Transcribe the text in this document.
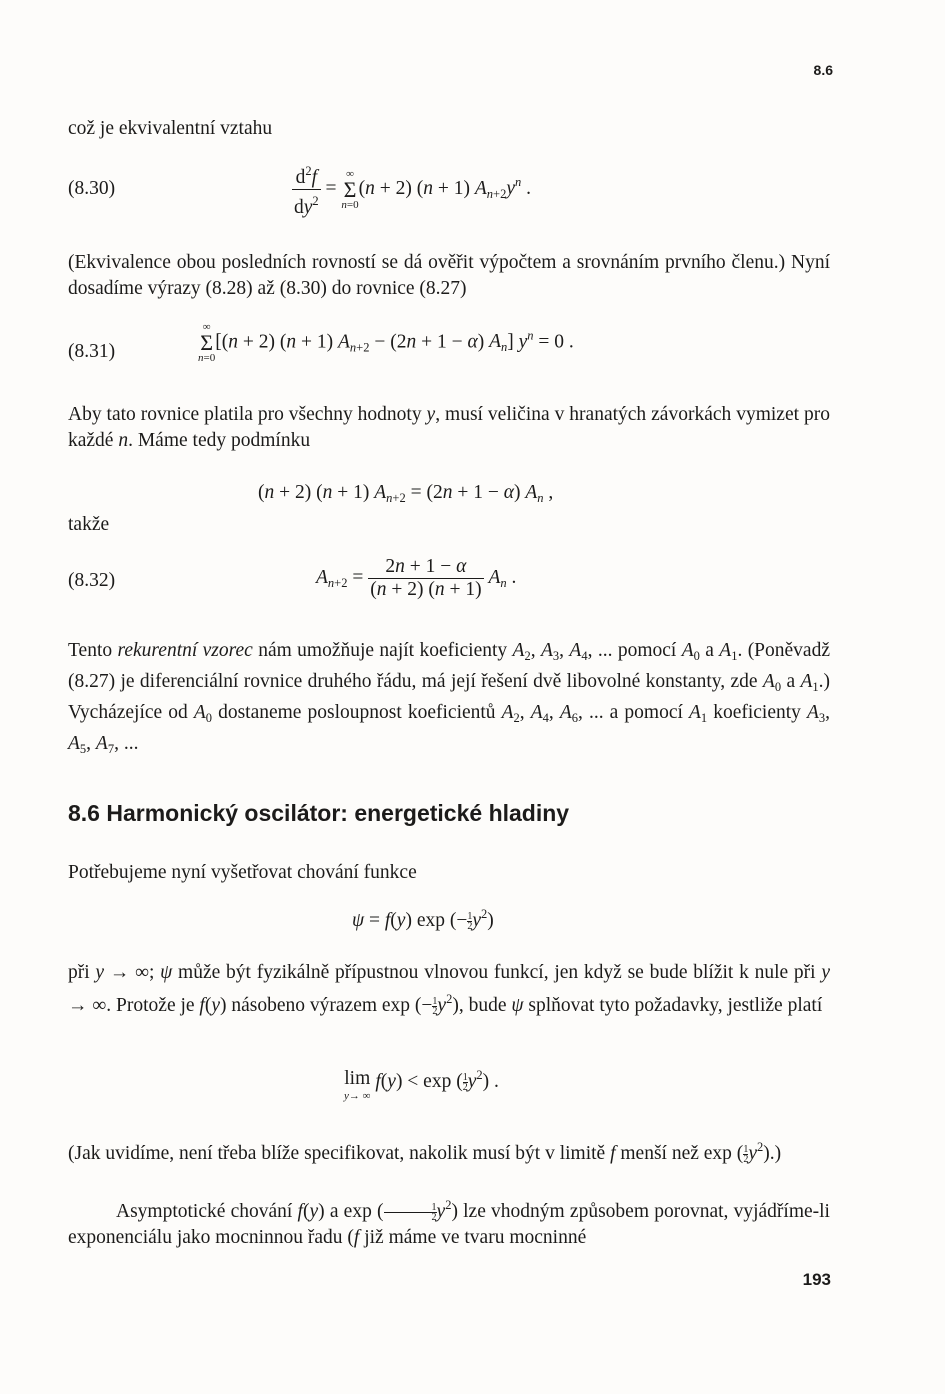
8.6

což je ekvivalentní vztahu

(8.30)	$\frac{d^2f}{dy^2}$ =
∞
Σ
n=0
(n + 2) (n + 1) $A_{n+2}y^n$ .

(Ekvivalence obou posledních rovností se dá ověřit výpočtem a srovnáním prvního členu.) Nyní dosadíme výrazy (8.28) až (8.30) do rovnice (8.27)

(8.31)
∞
Σ
n=0
[(n + 2) (n + 1) $A_{n+2} - (2n + 1 - \alpha)$ $A_n$] $y^n = 0$ .

Aby tato rovnice platila pro všechny hodnoty y, musí veličina v hranatých závorkách vymizet pro každé n. Máme tedy podmínku

(n + 2) (n + 1) $A_{n+2} = (2n + 1 - \alpha)$ $A_n$ ,

takže

(8.32)	$A_{n+2} = \frac{2n + 1 - \alpha}{(n + 2) (n + 1)} A_n$ .

Tento rekurentní vzorec nám umožňuje najít koeficienty $A_2$, $A_3$, $A_4$, ... pomocí $A_0$ a $A_1$. (Poněvadž (8.27) je diferenciální rovnice druhého řádu, má její řešení dvě libovolné konstanty, zde $A_0$ a $A_1$.) Vycházejíce od $A_0$ dostaneme posloupnost koeficientů $A_2$, $A_4$, $A_6$, ... a pomocí $A_1$ koeficienty $A_3$, $A_5$, $A_7$, ...

8.6 Harmonický oscilátor: energetické hladiny

Potřebujeme nyní vyšetřovat chování funkce

ψ = f(y) exp (− $\frac{1}{2} y^2$)

při y → ∞; ψ může být fyzikálně přípustnou vlnovou funkcí, jen když se bude blížit k nule při y → ∞. Protože je f(y) násobeno výrazem exp (− $\frac{1}{2} y^2$), bude ψ splňovat tyto požadavky, jestliže platí

lim
y→ ∞
f(y) < exp ( $\frac{1}{2} y^2$) .

(Jak uvidíme, není třeba blíže specifikovat, nakolik musí být v limitě f menší než exp ( $\frac{1}{2} y^2$).)

Asymptotické chování f(y) a exp ( $\frac{1}{2} y^2$) lze vhodným způsobem porovnat, vyjádříme-li exponenciálu jako mocninnou řadu (f již máme ve tvaru mocninné

193
